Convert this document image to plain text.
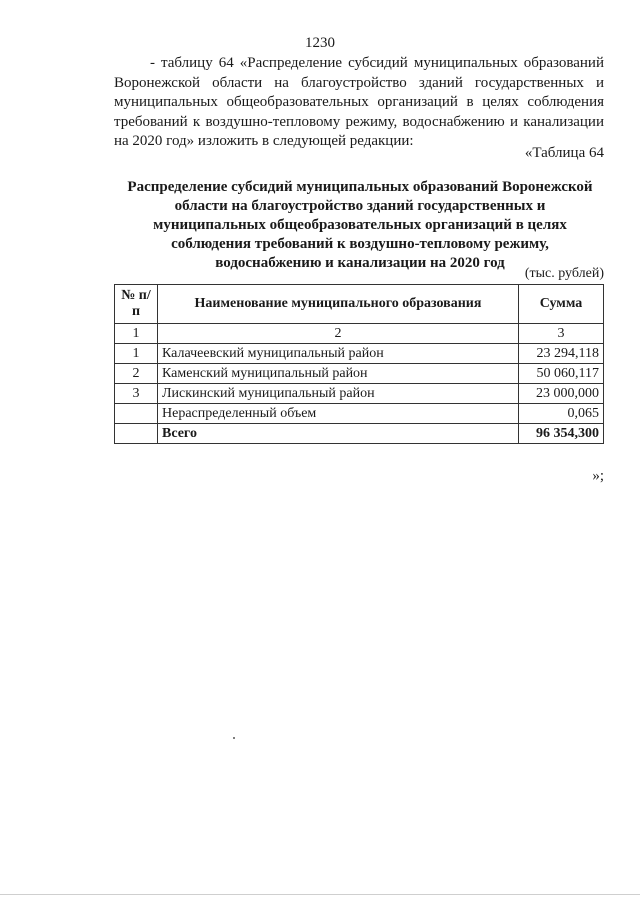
1230

- таблицу 64 «Распределение субсидий муниципальных образований Воронежской области на благоустройство зданий государственных и муниципальных общеобразовательных организаций в целях соблюдения требований к воздушно-тепловому режиму, водоснабжению и канализации на 2020 год» изложить в следующей редакции:

«Таблица 64

Распределение субсидий муниципальных образований Воронежской области на благоустройство зданий государственных и муниципальных общеобразовательных организаций в целях соблюдения требований к воздушно-тепловому режиму, водоснабжению и канализации на 2020 год

(тыс. рублей)
№ п/п	Наименование муниципального образования	Сумма
1	2	3
1	Калачеевский муниципальный район	23 294,118
2	Каменский муниципальный район	50 060,117
3	Лискинский муниципальный район	23 000,000
	Нераспределенный объем	0,065
	Всего	96 354,300
»;
